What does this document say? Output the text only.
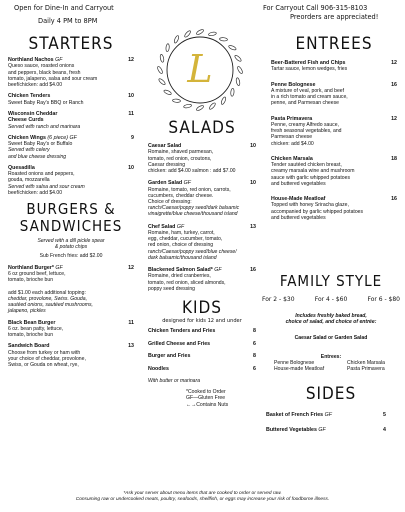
Open for Dine-In and Carryout
Daily 4 PM to 8PM
For Carryout Call 906-315-8103
Preorders are appreciated!
L
STARTERS
Northland Nachos GF	12
Queso sauce, roasted onions
and peppers, black beans, fresh
tomato, jalapeno, salsa and sour cream
beef/chicken: add $4.00
Chicken Tenders	10
Sweet Baby Ray's BBQ or Ranch
Wisconsin Cheddar	11
Cheese Curds
Served with ranch and marinara
Chicken Wings (6 piece) GF	9
Sweet Baby Ray's or Buffalo
Served with celery
and blue cheese dressing
Quesadilla	10
Roasted onions and peppers,
gouda, mozzarella
Served with salsa and sour cream
beef/chicken: add $4.00
BURGERS &
SANDWICHES
Served with a dill pickle spear
& potato chips
Sub French fries: add $2.00
Northland Burger* GF	12
6 oz ground beef, lettuce,
tomato, brioche bun

add $1.00 each additional topping:
cheddar, provolone, Swiss. Gouda,
sautéed onions, sautéed mushrooms,
jalapeno, pickles
Black Bean Burger	11
6 oz. bean patty, lettuce,
tomato, brioche bun
Sandwich Board	13
Choose from turkey or ham with
your choice of cheddar, provolone,
Swiss, or Gouda on wheat, rye,
SALADS
Caesar Salad	10
Romaine, shaved parmesan,
tomato, red onion, croutons,
Caesar dressing
chicken: add $4.00 salmon : add $7.00
Garden Salad GF	10
Romaine, tomato, red onion, carrots,
cucumbers, cheddar cheese.
Choice of dressing:
ranch/Caesar/poppy seed/dark balsamic
vinaigrette/blue cheese/thousand island
Chef Salad GF	13
Romaine, ham, turkey, carrot,
egg, cheddar, cucumber, tomato,
red onion, choice of dressing
ranch/Caesar/poppy seed/blue cheese/
dark balsamic/thousand island
Blackened Salmon Salad* GF	16
Romaine, dried cranberries,
tomato, red onion, sliced almonds,
poppy seed dressing
KIDS
designed for kids 12 and under
Chicken Tenders and Fries	8
Grilled Cheese and Fries	6
Burger and Fries	8
Noodles	6
With butter or marinara
*Cooked to Order
GF—Gluten Free
←→Contains Nuts
ENTREES
Beer-Battered Fish and Chips	12
Tartar sauce, lemon wedges, fries
Penne Bolognese	16
A mixture of veal, pork, and beef
in a rich tomato and cream sauce,
penne, and Parmesan cheese
Pasta Primavera	12
Penne, creamy Alfredo sauce,
fresh seasonal vegetables, and
Parmesan cheese
chicken: add $4.00
Chicken Marsala	18
Tender sautéed chicken breast,
creamy marsala wine and mushroom
sauce with garlic whipped potatoes
and buttered vegetables
House-Made Meatloaf	16
Topped with honey Sriracha glaze,
accompanied by garlic whipped potatoes
and buttered vegetables
FAMILY STYLE
For 2 - $30	For 4 - $60	For 6 - $80
Includes freshly baked bread,
choice of salad, and choice of entrée:
Caesar Salad or Garden Salad
Entrees:
Penne Bolognese	Chicken Marsala
House-made Meatloaf	Pasta Primavera
SIDES
Basket of French Fries GF	5
Buttered Vegetables GF	4
*Ask your server about menu items that are cooked to order or served raw.
Consuming raw or undercooked meats, poultry, seafoods, shellfish, or eggs may increase your risk of foodborne illness.
